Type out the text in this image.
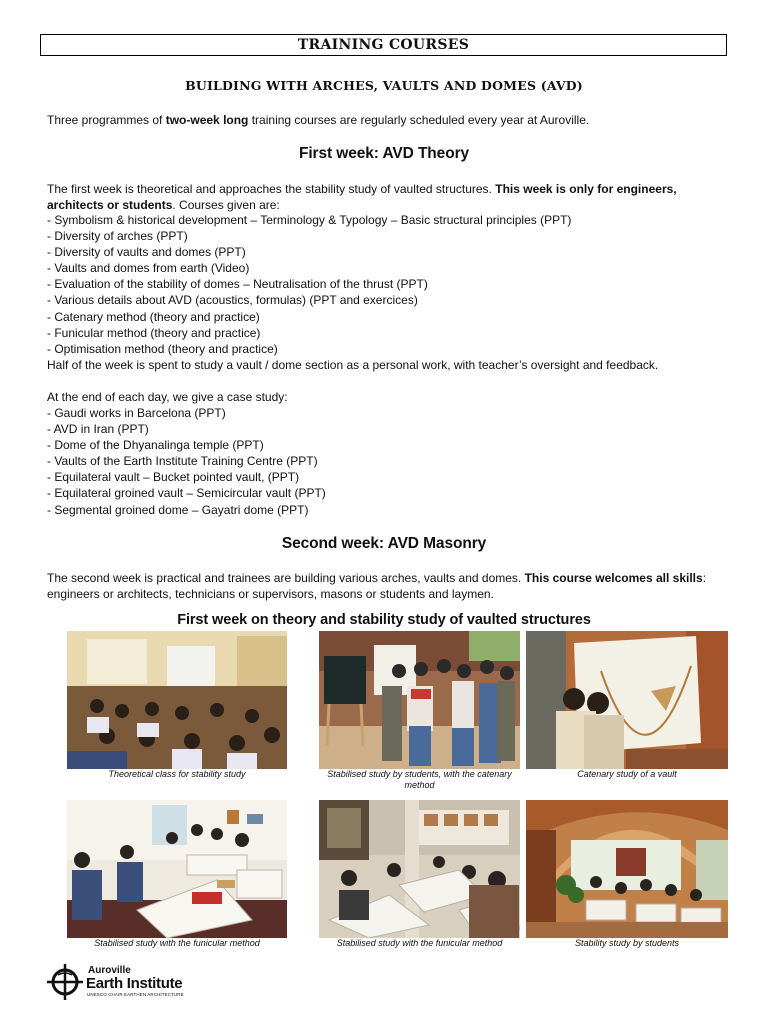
TRAINING COURSES
BUILDING WITH ARCHES, VAULTS AND DOMES (AVD)

Three programmes of two-week long training courses are regularly scheduled every year at Auroville.

First week: AVD Theory

The first week is theoretical and approaches the stability study of vaulted structures. This week is only for engineers, architects or students. Courses given are:

- Symbolism & historical development – Terminology & Typology – Basic structural principles (PPT)
- Diversity of arches (PPT)
- Diversity of vaults and domes (PPT)
- Vaults and domes from earth (Video)
- Evaluation of the stability of domes – Neutralisation of the thrust (PPT)
- Various details about AVD (acoustics, formulas) (PPT and exercices)
- Catenary method (theory and practice)
- Funicular method (theory and practice)
- Optimisation method (theory and practice)
Half of the week is spent to study a vault / dome section as a personal work, with teacher’s oversight and feedback.
At the end of each day, we give a case study:
- Gaudi works in Barcelona (PPT)
- AVD in Iran (PPT)
- Dome of the Dhyanalinga temple (PPT)
- Vaults of the Earth Institute Training Centre (PPT)
- Equilateral vault – Bucket pointed vault, (PPT)
- Equilateral groined vault – Semicircular vault (PPT)
- Segmental groined dome – Gayatri dome (PPT)
Second week: AVD Masonry

The second week is practical and trainees are building various arches, vaults and domes. This course welcomes all skills: engineers or architects, technicians or supervisors, masons or students and laymen.

First week on theory and stability study of vaulted structures
Theoretical class for stability study	Stabilised study by students, with the catenary method
Catenary study of a vault
Stabilised study with the funicular method	Stabilised study with the funicular method	Stability study by students
Auroville
Earth Institute
UNESCO CHAIR EARTHEN ARCHITECTURE
